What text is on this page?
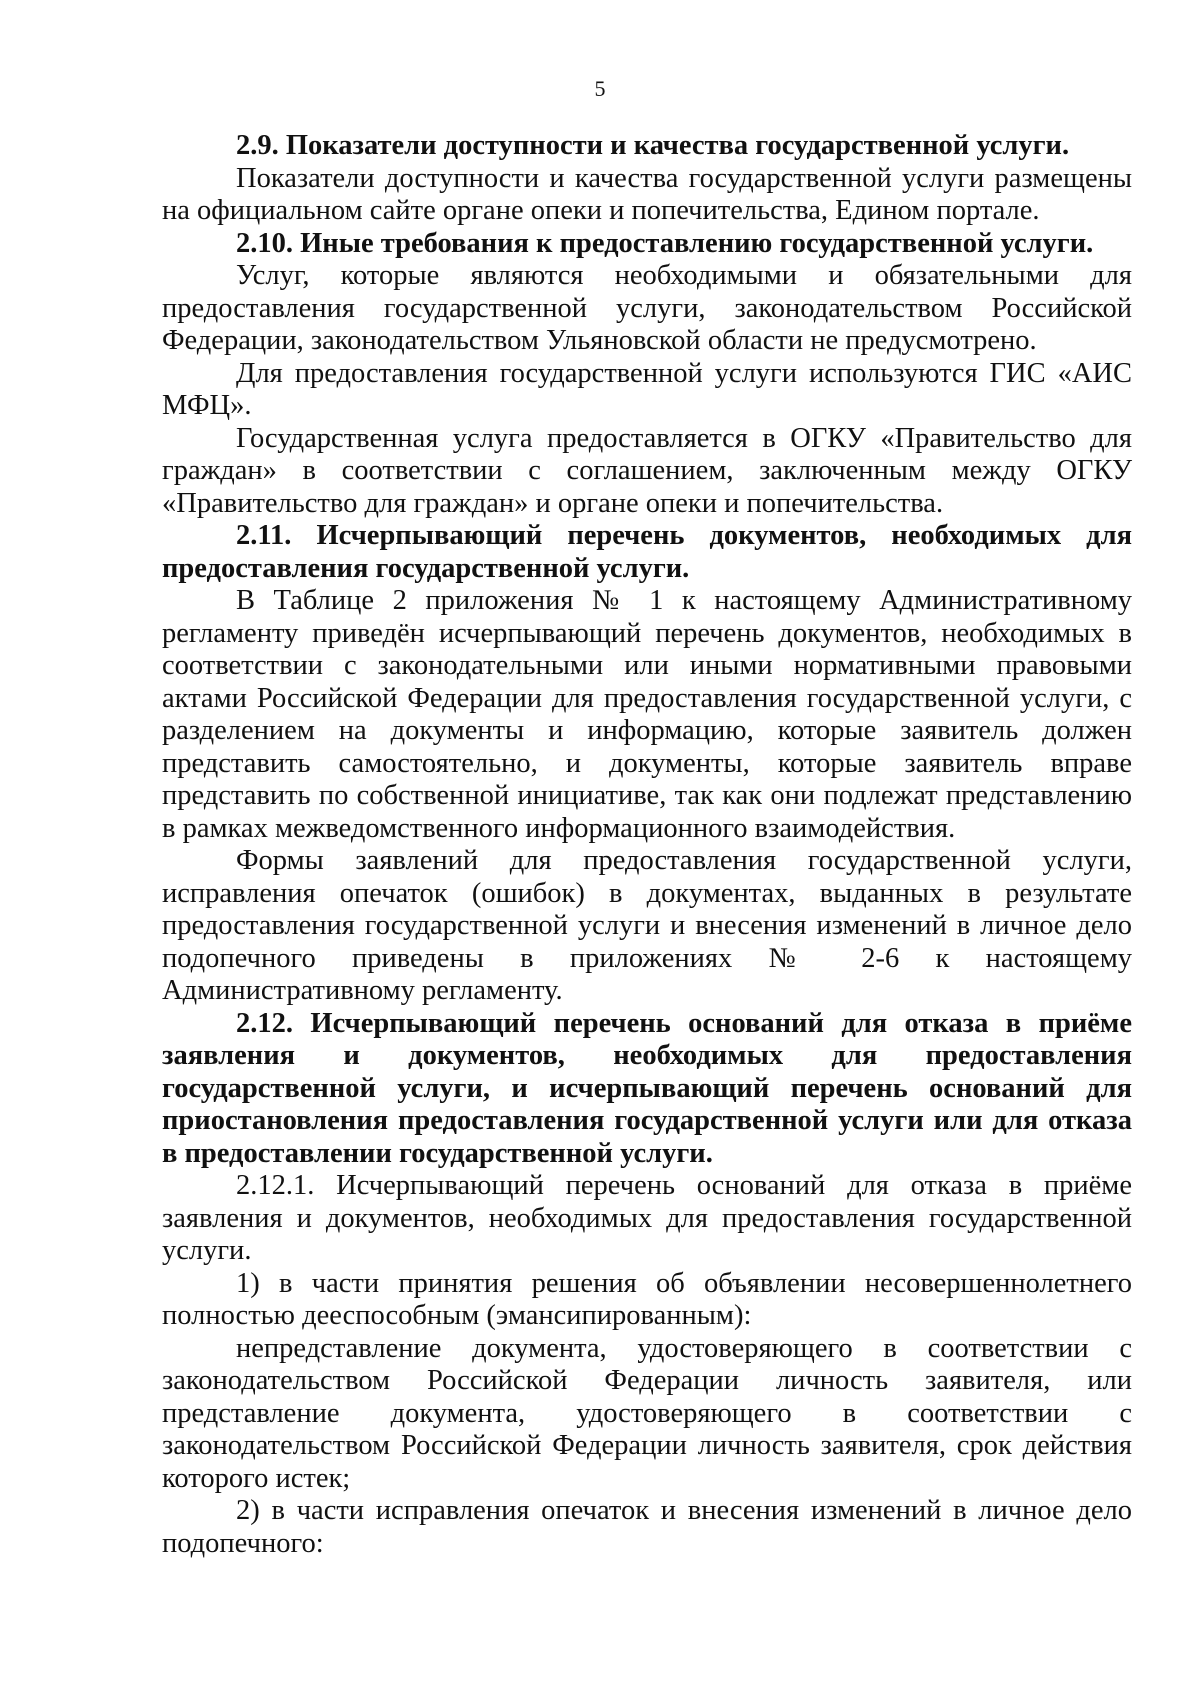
5

2.9. Показатели доступности и качества государственной услуги.

Показатели доступности и качества государственной услуги размещены на официальном сайте органе опеки и попечительства, Едином портале.

2.10. Иные требования к предоставлению государственной услуги.

Услуг, которые являются необходимыми и обязательными для предоставления государственной услуги, законодательством Российской Федерации, законодательством Ульяновской области не предусмотрено.

Для предоставления государственной услуги используются ГИС «АИС МФЦ».

Государственная услуга предоставляется в ОГКУ «Правительство для граждан» в соответствии с соглашением, заключенным между ОГКУ «Правительство для граждан» и органе опеки и попечительства.

2.11. Исчерпывающий перечень документов, необходимых для предоставления государственной услуги.

В Таблице 2 приложения № 1 к настоящему Административному регламенту приведён исчерпывающий перечень документов, необходимых в соответствии с законодательными или иными нормативными правовыми актами Российской Федерации для предоставления государственной услуги, с разделением на документы и информацию, которые заявитель должен представить самостоятельно, и документы, которые заявитель вправе представить по собственной инициативе, так как они подлежат представлению в рамках межведомственного информационного взаимодействия.

Формы заявлений для предоставления государственной услуги, исправления опечаток (ошибок) в документах, выданных в результате предоставления государственной услуги и внесения изменений в личное дело подопечного приведены в приложениях № 2-6 к настоящему Административному регламенту.

2.12. Исчерпывающий перечень оснований для отказа в приёме заявления и документов, необходимых для предоставления государственной услуги, и исчерпывающий перечень оснований для приостановления предоставления государственной услуги или для отказа в предоставлении государственной услуги.

2.12.1. Исчерпывающий перечень оснований для отказа в приёме заявления и документов, необходимых для предоставления государственной услуги.

1) в части принятия решения об объявлении несовершеннолетнего полностью дееспособным (эмансипированным):

непредставление документа, удостоверяющего в соответствии с законодательством Российской Федерации личность заявителя, или представление документа, удостоверяющего в соответствии с законодательством Российской Федерации личность заявителя, срок действия которого истек;

2) в части исправления опечаток и внесения изменений в личное дело подопечного:
